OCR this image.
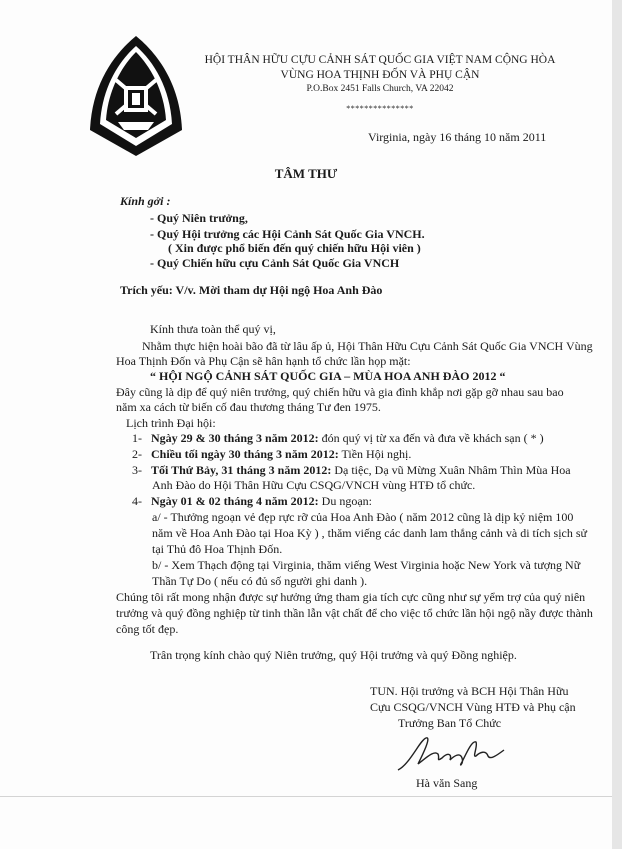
HỘI THÂN HỮU CỰU CẢNH SÁT QUỐC GIA VIỆT NAM CỘNG HÒA
VÙNG HOA THỊNH ĐỐN VÀ PHỤ CẬN
P.O.Box 2451 Falls Church, VA 22042
***************
Virginia, ngày 16 tháng 10 năm 2011
TÂM THƯ
Kính gởi :
- Quý Niên trưởng,
- Quý Hội trưởng các Hội Cảnh Sát Quốc Gia VNCH.
( Xin được phổ biến đến quý chiến hữu Hội viên )
- Quý Chiến hữu cựu Cảnh Sát Quốc Gia VNCH
Trích yếu: V/v. Mời tham dự Hội ngộ Hoa Anh Đào
Kính thưa toàn thể quý vị,
Nhằm thực hiện hoài bão đã từ lâu ấp ủ, Hội Thân Hữu Cựu Cảnh Sát Quốc Gia VNCH Vùng
Hoa Thịnh Đốn và Phụ Cận sẽ hân hạnh tổ chức lần họp mặt:
“ HỘI NGỘ CẢNH SÁT QUỐC GIA – MÙA HOA ANH ĐÀO 2012 “
Đây cũng là dịp để quý niên trưởng, quý chiến hữu và gia đình khắp nơi gặp gỡ nhau sau bao
năm xa cách từ biến cố đau thương tháng Tư đen 1975.
Lịch trình Đại hội:
1- Ngày 29 & 30 tháng 3 năm 2012: đón quý vị từ xa đến và đưa về khách sạn ( * )
2- Chiều tối ngày 30 tháng 3 năm 2012: Tiền Hội nghị.
3- Tối Thứ Bảy, 31 tháng 3 năm 2012: Dạ tiệc, Dạ vũ Mừng Xuân Nhâm Thìn Mùa Hoa
Anh Đào do Hội Thân Hữu Cựu CSQG/VNCH vùng HTĐ tổ chức.
4- Ngày 01 & 02 tháng 4 năm 2012: Du ngoạn:
a/ - Thưởng ngoạn vẻ đẹp rực rỡ của Hoa Anh Đào ( năm 2012 cũng là dịp kỷ niệm 100
năm về Hoa Anh Đào tại Hoa Kỳ ) , thăm viếng các danh lam thắng cảnh và di tích sịch sử
tại Thủ đô Hoa Thịnh Đốn.
b/ - Xem Thạch động tại Virginia, thăm viếng West Virginia hoặc New York và tượng Nữ
Thần Tự Do ( nếu có đủ số người ghi danh ).
Chúng tôi rất mong nhận được sự hưởng ứng tham gia tích cực cũng như sự yểm trợ của quý niên
trưởng và quý đồng nghiệp từ tinh thần lẫn vật chất để cho việc tổ chức lần hội ngộ nầy được thành
công tốt đẹp.
Trân trọng kính chào quý Niên trưởng, quý Hội trưởng và quý Đồng nghiệp.
TUN. Hội trưởng và BCH Hội Thân Hữu
Cựu CSQG/VNCH Vùng HTĐ và Phụ cận
Trưởng Ban Tổ Chức
Hà văn Sang
